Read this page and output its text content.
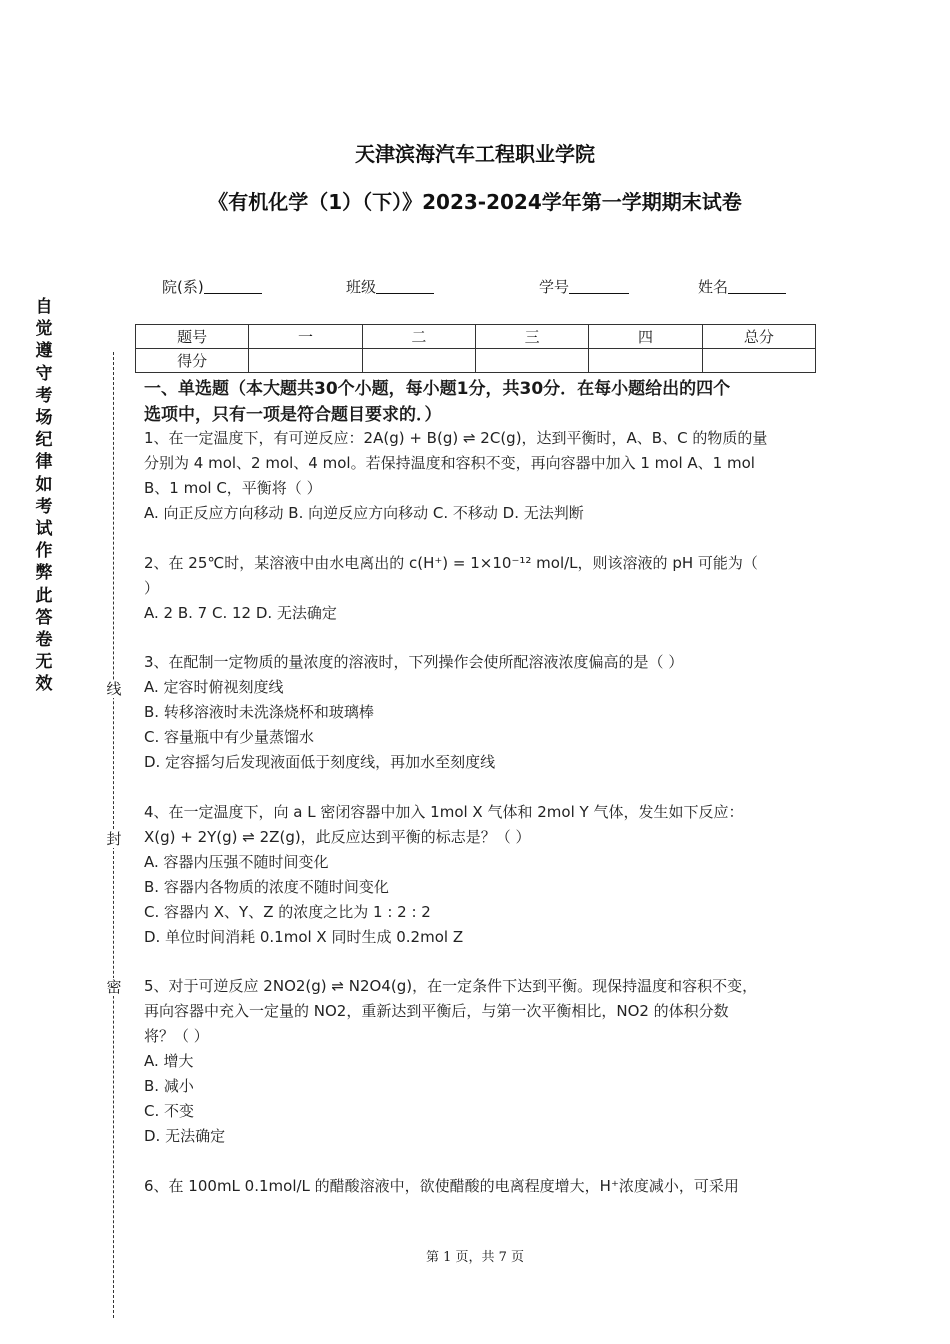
天津滨海汽车工程职业学院
《有机化学（1）（下）》2023-2024学年第一学期期末试卷
自觉遵守考场纪律如考试作弊此答卷无效	线
封
密
院(系)	班级	学号	姓名
题号	一	二	三	四	总分
得分					
一、单选题（本大题共30个小题，每小题1分，共30分．在每小题给出的四个
选项中，只有一项是符合题目要求的．）
1、在一定温度下，有可逆反应：2A(g) + B(g) ⇌ 2C(g)，达到平衡时，A、B、C 的物质的量
分别为 4 mol、2 mol、4 mol。若保持温度和容积不变，再向容器中加入 1 mol A、1 mol
B、1 mol C，平衡将（ ）
A. 向正反应方向移动 B. 向逆反应方向移动 C. 不移动 D. 无法判断
2、在 25℃时，某溶液中由水电离出的 c(H⁺) = 1×10⁻¹² mol/L，则该溶液的 pH 可能为（
）
A. 2 B. 7 C. 12 D. 无法确定
3、在配制一定物质的量浓度的溶液时，下列操作会使所配溶液浓度偏高的是（ ）
A. 定容时俯视刻度线
B. 转移溶液时未洗涤烧杯和玻璃棒
C. 容量瓶中有少量蒸馏水
D. 定容摇匀后发现液面低于刻度线，再加水至刻度线
4、在一定温度下，向 a L 密闭容器中加入 1mol X 气体和 2mol Y 气体，发生如下反应：
X(g) + 2Y(g) ⇌ 2Z(g)，此反应达到平衡的标志是？（ ）
A. 容器内压强不随时间变化
B. 容器内各物质的浓度不随时间变化
C. 容器内 X、Y、Z 的浓度之比为 1 : 2 : 2
D. 单位时间消耗 0.1mol X 同时生成 0.2mol Z
5、对于可逆反应 2NO2(g) ⇌ N2O4(g)，在一定条件下达到平衡。现保持温度和容积不变，
再向容器中充入一定量的 NO2，重新达到平衡后，与第一次平衡相比，NO2 的体积分数
将？（ ）
A. 增大
B. 减小
C. 不变
D. 无法确定
6、在 100mL 0.1mol/L 的醋酸溶液中，欲使醋酸的电离程度增大，H⁺浓度减小，可采用
第 1 页，共 7 页
